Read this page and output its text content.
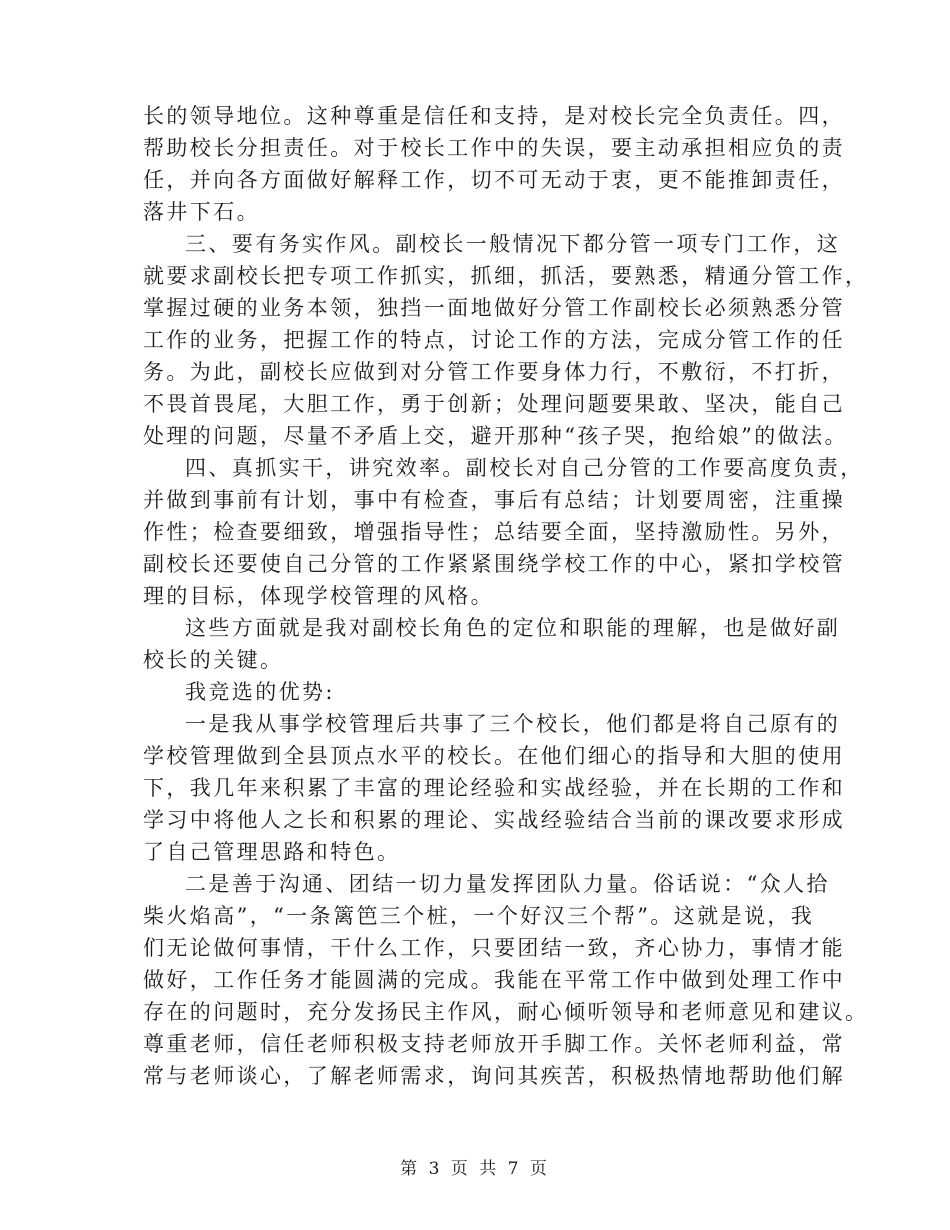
长的领导地位。这种尊重是信任和支持，是对校长完全负责任。四，
帮助校长分担责任。对于校长工作中的失误，要主动承担相应负的责
任，并向各方面做好解释工作，切不可无动于衷，更不能推卸责任，
落井下石。
三、要有务实作风。副校长一般情况下都分管一项专门工作，这
就要求副校长把专项工作抓实，抓细，抓活，要熟悉，精通分管工作，
掌握过硬的业务本领，独挡一面地做好分管工作副校长必须熟悉分管
工作的业务，把握工作的特点，讨论工作的方法，完成分管工作的任
务。为此，副校长应做到对分管工作要身体力行，不敷衍，不打折，
不畏首畏尾，大胆工作，勇于创新；处理问题要果敢、坚决，能自己
处理的问题，尽量不矛盾上交，避开那种“孩子哭，抱给娘”的做法。
四、真抓实干，讲究效率。副校长对自己分管的工作要高度负责，
并做到事前有计划，事中有检查，事后有总结；计划要周密，注重操
作性；检查要细致，增强指导性；总结要全面，坚持激励性。另外，
副校长还要使自己分管的工作紧紧围绕学校工作的中心，紧扣学校管
理的目标，体现学校管理的风格。
这些方面就是我对副校长角色的定位和职能的理解，也是做好副
校长的关键。
我竞选的优势:
一是我从事学校管理后共事了三个校长，他们都是将自己原有的
学校管理做到全县顶点水平的校长。在他们细心的指导和大胆的使用
下，我几年来积累了丰富的理论经验和实战经验，并在长期的工作和
学习中将他人之长和积累的理论、实战经验结合当前的课改要求形成
了自己管理思路和特色。
二是善于沟通、团结一切力量发挥团队力量。俗话说：“众人拾
柴火焰高”，“一条篱笆三个桩，一个好汉三个帮”。这就是说，我
们无论做何事情，干什么工作，只要团结一致，齐心协力，事情才能
做好，工作任务才能圆满的完成。我能在平常工作中做到处理工作中
存在的问题时，充分发扬民主作风，耐心倾听领导和老师意见和建议。
尊重老师，信任老师积极支持老师放开手脚工作。关怀老师利益，常
常与老师谈心，了解老师需求，询问其疾苦，积极热情地帮助他们解
第 3 页 共 7 页
